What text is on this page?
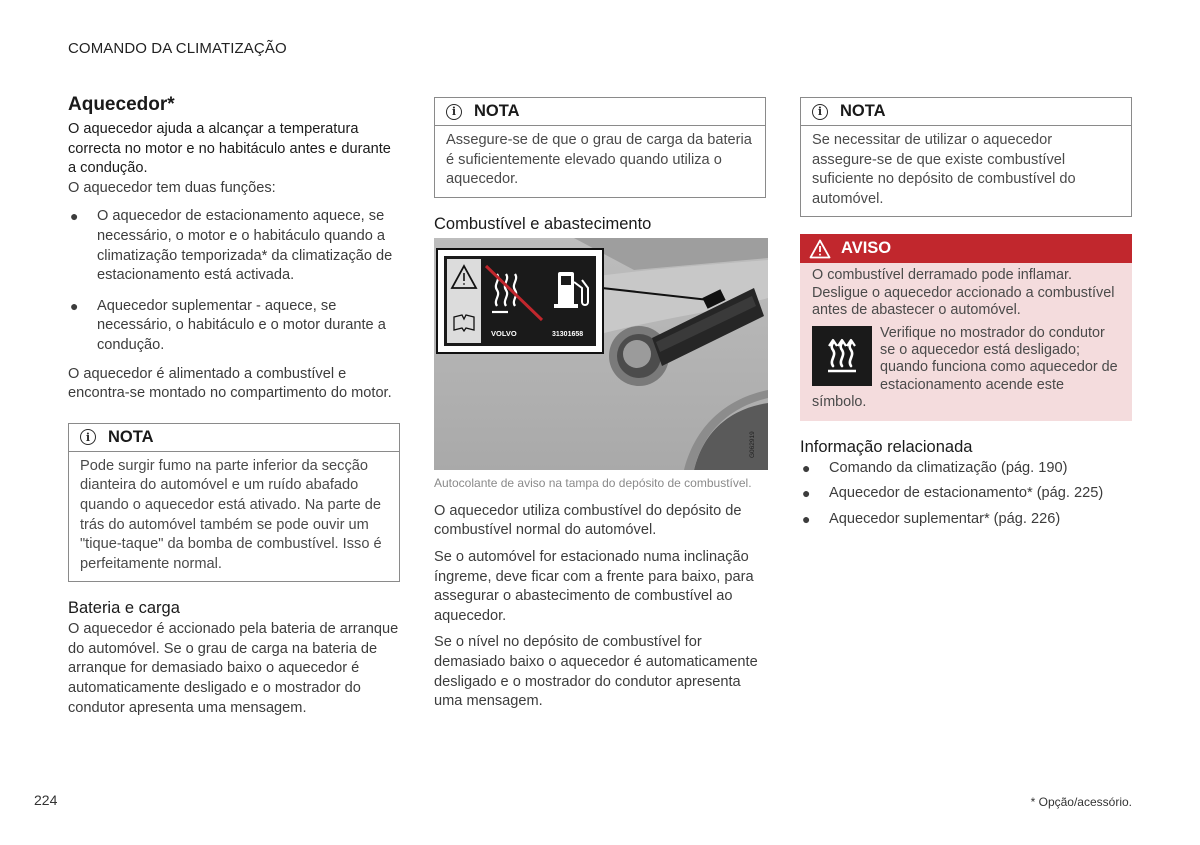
COMANDO DA CLIMATIZAÇÃO
Aquecedor*

O aquecedor ajuda a alcançar a temperatura correcta no motor e no habitáculo antes e durante a condução.

O aquecedor tem duas funções:

● O aquecedor de estacionamento aquece, se necessário, o motor e o habitáculo quando a climatização temporizada* da climatização de estacionamento está activada.
● Aquecedor suplementar - aquece, se necessário, o habitáculo e o motor durante a condução.

O aquecedor é alimentado a combustível e encontra-se montado no compartimento do motor.

i	NOTA

Pode surgir fumo na parte inferior da secção dianteira do automóvel e um ruído abafado quando o aquecedor está ativado. Na parte de trás do automóvel também se pode ouvir um "tique-taque" da bomba de combustível. Isso é perfeitamente normal.

Bateria e carga

O aquecedor é accionado pela bateria de arranque do automóvel. Se o grau de carga na bateria de arranque for demasiado baixo o aquecedor é automaticamente desligado e o mostrador do condutor apresenta uma mensagem.

i	NOTA

Assegure-se de que o grau de carga da bateria é suficientemente elevado quando utiliza o aquecedor.

Combustível e abastecimento
VOLVO	31301658
G062919
Autocolante de aviso na tampa do depósito de combustível.

O aquecedor utiliza combustível do depósito de combustível normal do automóvel.

Se o automóvel for estacionado numa inclinação íngreme, deve ficar com a frente para baixo, para assegurar o abastecimento de combustível ao aquecedor.

Se o nível no depósito de combustível for demasiado baixo o aquecedor é automaticamente desligado e o mostrador do condutor apresenta uma mensagem.

i	NOTA

Se necessitar de utilizar o aquecedor assegure-se de que existe combustível suficiente no depósito de combustível do automóvel.

AVISO

O combustível derramado pode inflamar. Desligue o aquecedor accionado a combustível antes de abastecer o automóvel.

Verifique no mostrador do condutor se o aquecedor está desligado; quando funciona como aquecedor de estacionamento acende este símbolo.

Informação relacionada
● Comando da climatização (pág. 190)
● Aquecedor de estacionamento* (pág. 225)
● Aquecedor suplementar* (pág. 226)
224	* Opção/acessório.
